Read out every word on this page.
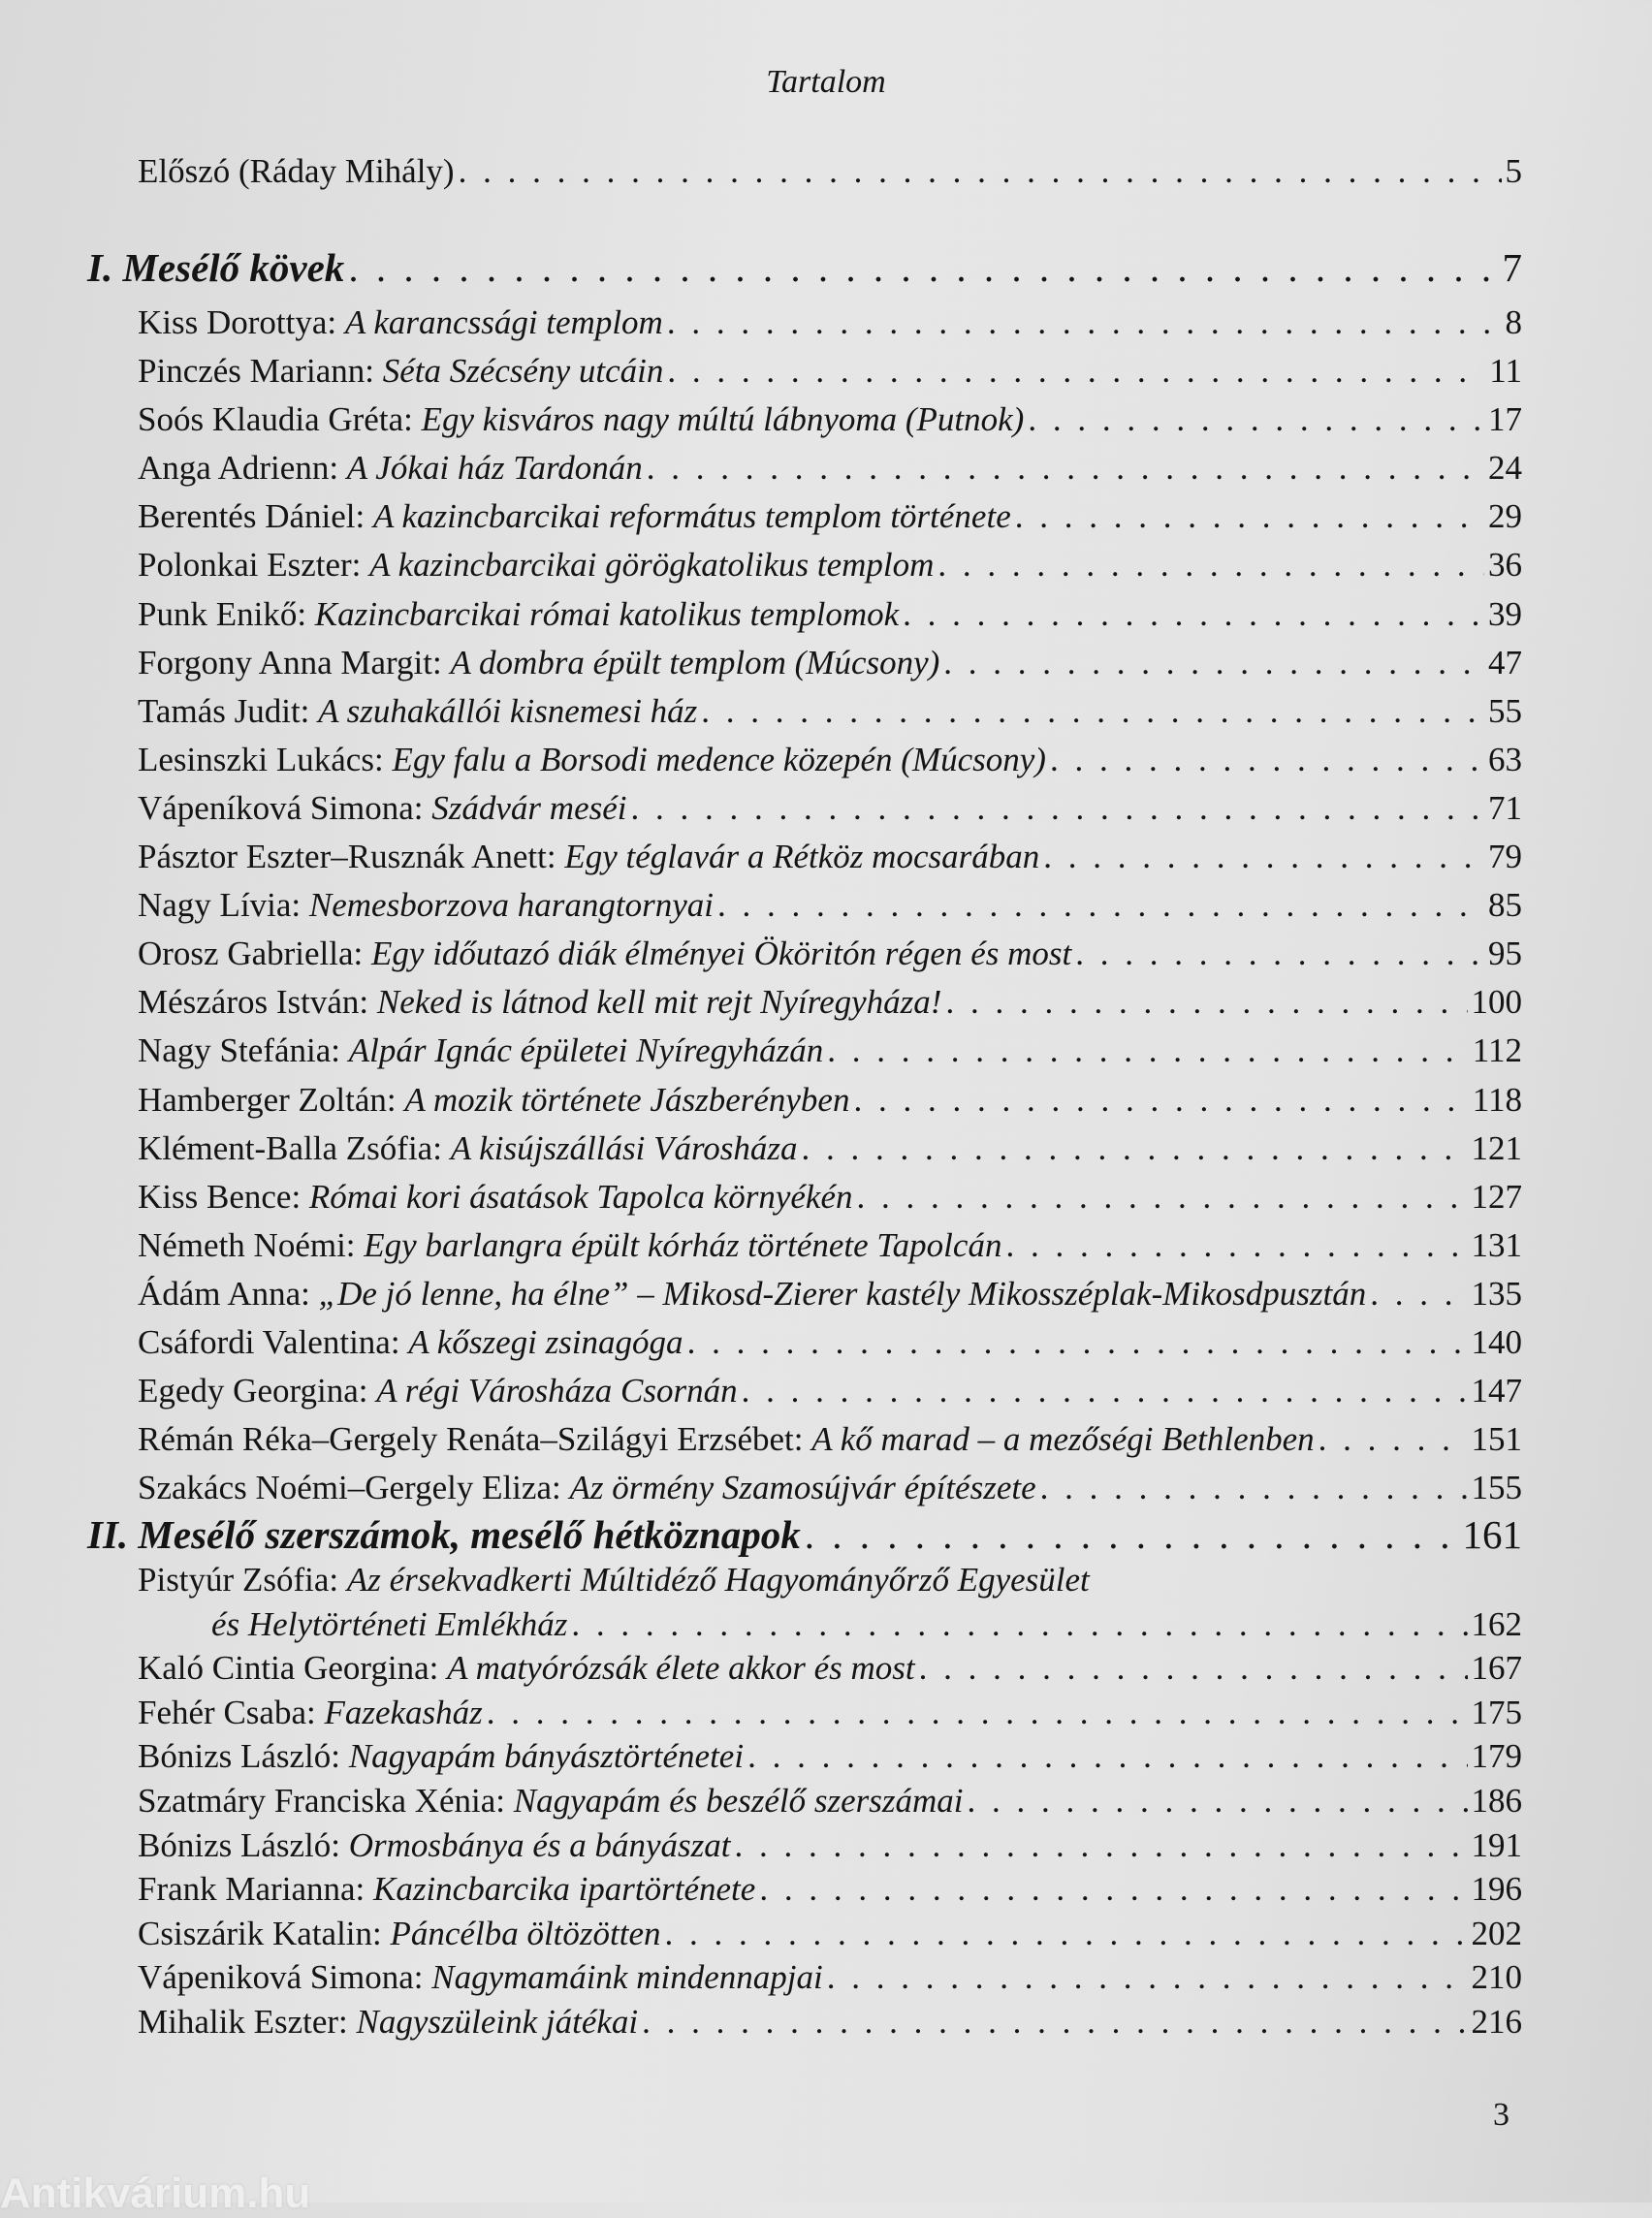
Tartalom
Előszó (Ráday Mihály) . . .	5
I. Mesélő kövek . . .	7
Kiss Dorottya: A karancssági templom . . .	8
Pinczés Mariann: Séta Szécsény utcáin . . .	11
Soós Klaudia Gréta: Egy kisváros nagy múltú lábnyoma (Putnok) . . .	17
Anga Adrienn: A Jókai ház Tardonán . . .	24
Berentés Dániel: A kazincbarcikai református templom története . . .	29
Polonkai Eszter: A kazincbarcikai görögkatolikus templom . . .	36
Punk Enikő: Kazincbarcikai római katolikus templomok . . .	39
Forgony Anna Margit: A dombra épült templom (Múcsony) . . .	47
Tamás Judit: A szuhakállói kisnemesi ház . . .	55
Lesinszki Lukács: Egy falu a Borsodi medence közepén (Múcsony) . . .	63
Vápeníková Simona: Szádvár meséi . . .	71
Pásztor Eszter–Rusznák Anett: Egy téglavár a Rétköz mocsarában . . .	79
Nagy Lívia: Nemesborzova harangtornyai . . .	85
Orosz Gabriella: Egy időutazó diák élményei Ököritón régen és most . . .	95
Mészáros István: Neked is látnod kell mit rejt Nyíregyháza! . . .	100
Nagy Stefánia: Alpár Ignác épületei Nyíregyházán . . .	112
Hamberger Zoltán: A mozik története Jászberényben . . .	118
Klément-Balla Zsófia: A kisújszállási Városháza . . .	121
Kiss Bence: Római kori ásatások Tapolca környékén . . .	127
Németh Noémi: Egy barlangra épült kórház története Tapolcán . . .	131
Ádám Anna: „De jó lenne, ha élne” – Mikosd-Zierer kastély Mikosszéplak-Mikosdpusztán . . .	135
Csáfordi Valentina: A kőszegi zsinagóga . . .	140
Egedy Georgina: A régi Városháza Csornán . . .	147
Rémán Réka–Gergely Renáta–Szilágyi Erzsébet: A kő marad – a mezőségi Bethlenben . . .	151
Szakács Noémi–Gergely Eliza: Az örmény Szamosújvár építészete . . .	155
II. Mesélő szerszámok, mesélő hétköznapok . . .	161
Pistyúr Zsófia: Az érsekvadkerti Múltidéző Hagyományőrző Egyesület
és Helytörténeti Emlékház . . .	162
Kaló Cintia Georgina: A matyórózsák élete akkor és most . . .	167
Fehér Csaba: Fazekasház . . .	175
Bónizs László: Nagyapám bányásztörténetei . . .	179
Szatmáry Franciska Xénia: Nagyapám és beszélő szerszámai . . .	186
Bónizs László: Ormosbánya és a bányászat . . .	191
Frank Marianna: Kazincbarcika ipartörténete . . .	196
Csiszárik Katalin: Páncélba öltözötten . . .	202
Vápeniková Simona: Nagymamáink mindennapjai . . .	210
Mihalik Eszter: Nagyszüleink játékai . . .	216
3
Antikvárium.hu
